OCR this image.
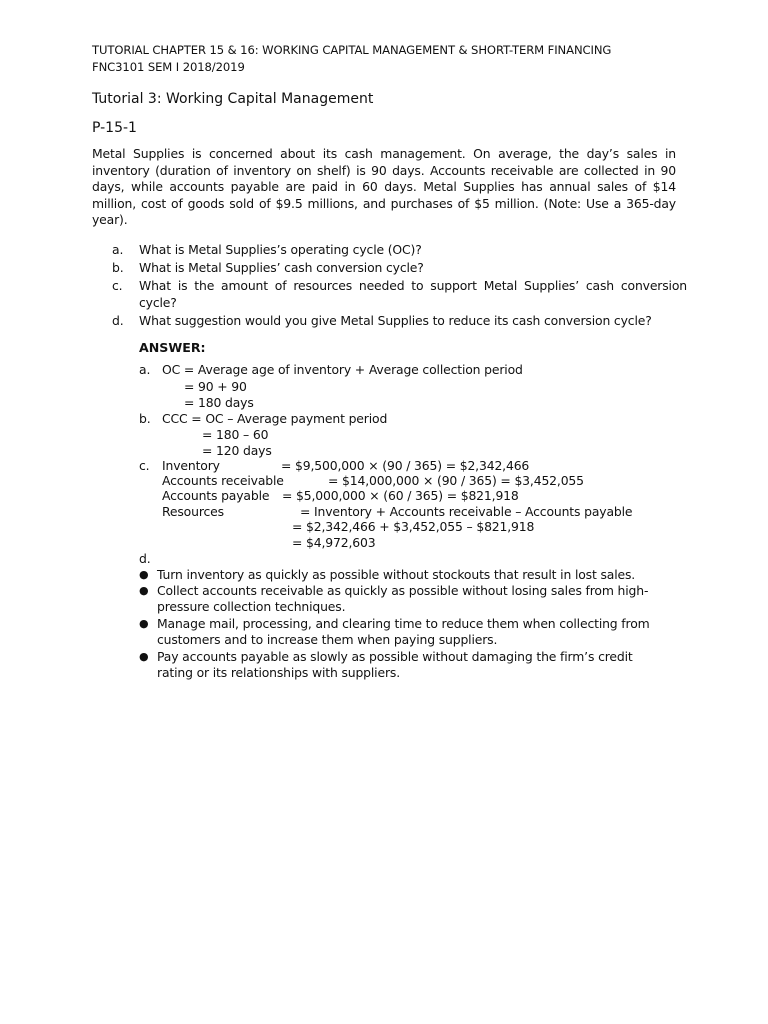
TUTORIAL CHAPTER 15 & 16: WORKING CAPITAL MANAGEMENT & SHORT-TERM FINANCING
FNC3101 SEM I 2018/2019
Tutorial 3: Working Capital Management
P-15-1
Metal Supplies is concerned about its cash management. On average, the day’s sales in inventory (duration of inventory on shelf) is 90 days. Accounts receivable are collected in 90 days, while accounts payable are paid in 60 days. Metal Supplies has annual sales of $14 million, cost of goods sold of $9.5 millions, and purchases of $5 million. (Note: Use a 365-day year).
a. What is Metal Supplies’s operating cycle (OC)?
b. What is Metal Supplies’ cash conversion cycle?
c. What is the amount of resources needed to support Metal Supplies’ cash conversion cycle?
d. What suggestion would you give Metal Supplies to reduce its cash conversion cycle?
ANSWER:
a. OC = Average age of inventory + Average collection period
= 90 + 90
= 180 days
b. CCC = OC – Average payment period
= 180 – 60
= 120 days
c. Inventory	= $9,500,000 × (90 / 365) = $2,342,466
Accounts receivable	= $14,000,000 × (90 / 365) = $3,452,055
Accounts payable = $5,000,000 × (60 / 365) = $821,918
Resources	= Inventory + Accounts receivable – Accounts payable
= $2,342,466 + $3,452,055 – $821,918
= $4,972,603
d.
● Turn inventory as quickly as possible without stockouts that result in lost sales.
● Collect accounts receivable as quickly as possible without losing sales from high-pressure collection techniques.
● Manage mail, processing, and clearing time to reduce them when collecting from customers and to increase them when paying suppliers.
● Pay accounts payable as slowly as possible without damaging the firm’s credit rating or its relationships with suppliers.
